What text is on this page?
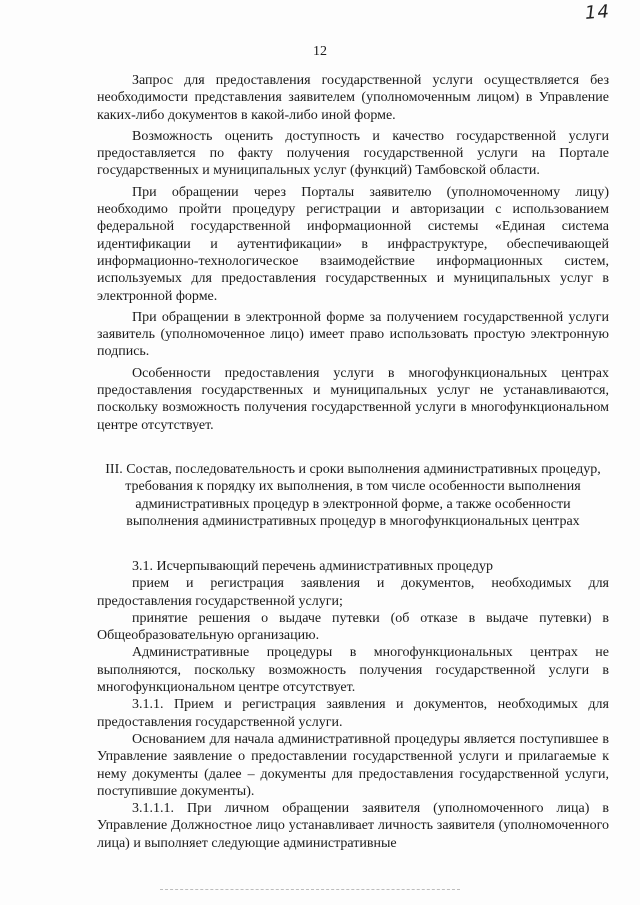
14
12

Запрос для предоставления государственной услуги осуществляется без необходимости представления заявителем (уполномоченным лицом) в Управление каких-либо документов в какой-либо иной форме.

Возможность оценить доступность и качество государственной услуги предоставляется по факту получения государственной услуги на Портале государственных и муниципальных услуг (функций) Тамбовской области.

При обращении через Порталы заявителю (уполномоченному лицу) необходимо пройти процедуру регистрации и авторизации с использованием федеральной государственной информационной системы «Единая система идентификации и аутентификации» в инфраструктуре, обеспечивающей информационно-технологическое взаимодействие информационных систем, используемых для предоставления государственных и муниципальных услуг в электронной форме.

При обращении в электронной форме за получением государственной услуги заявитель (уполномоченное лицо) имеет право использовать простую электронную подпись.

Особенности предоставления услуги в многофункциональных центрах предоставления государственных и муниципальных услуг не устанавливаются, поскольку возможность получения государственной услуги в многофункциональном центре отсутствует.

III. Состав, последовательность и сроки выполнения административных процедур, требования к порядку их выполнения, в том числе особенности выполнения административных процедур в электронной форме, а также особенности выполнения административных процедур в многофункциональных центрах

3.1. Исчерпывающий перечень административных процедур

прием и регистрация заявления и документов, необходимых для предоставления государственной услуги;

принятие решения о выдаче путевки (об отказе в выдаче путевки) в Общеобразовательную организацию.

Административные процедуры в многофункциональных центрах не выполняются, поскольку возможность получения государственной услуги в многофункциональном центре отсутствует.

3.1.1. Прием и регистрация заявления и документов, необходимых для предоставления государственной услуги.

Основанием для начала административной процедуры является поступившее в Управление заявление о предоставлении государственной услуги и прилагаемые к нему документы (далее – документы для предоставления государственной услуги, поступившие документы).

3.1.1.1. При личном обращении заявителя (уполномоченного лица) в Управление Должностное лицо устанавливает личность заявителя (уполномоченного лица) и выполняет следующие административные
